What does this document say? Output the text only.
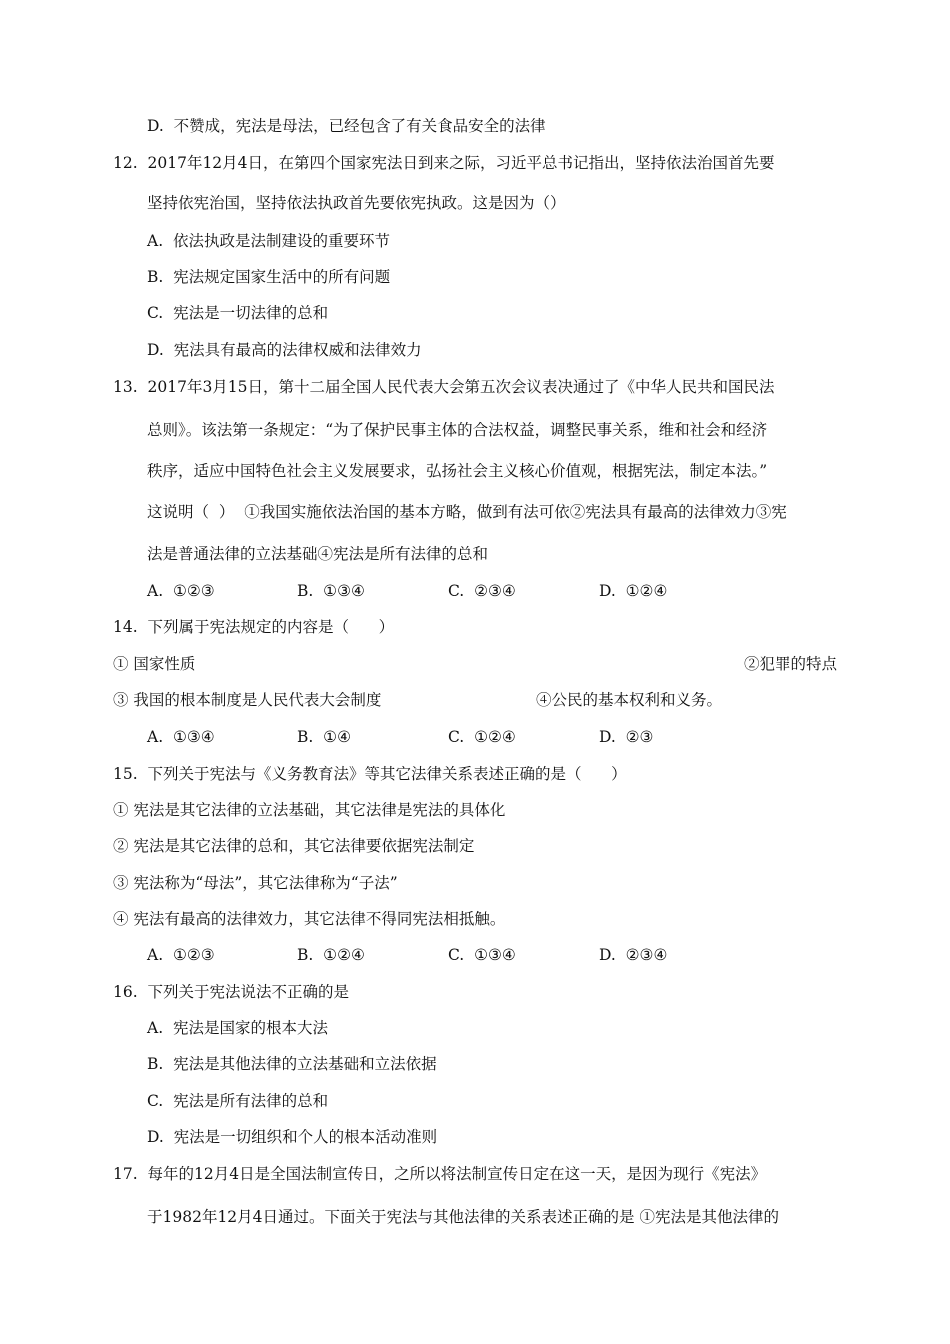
D.  不赞成，宪法是母法，已经包含了有关食品安全的法律
12.  2017年12月4日，在第四个国家宪法日到来之际，习近平总书记指出，坚持依法治国首先要
坚持依宪治国，坚持依法执政首先要依宪执政。这是因为（）
A.  依法执政是法制建设的重要环节
B.  宪法规定国家生活中的所有问题
C.  宪法是一切法律的总和
D.  宪法具有最高的法律权威和法律效力
13.  2017年3月15日，第十二届全国人民代表大会第五次会议表决通过了《中华人民共和国民法
总则》。该法第一条规定：“为了保护民事主体的合法权益，调整民事关系，维和社会和经济
秩序，适应中国特色社会主义发展要求，弘扬社会主义核心价值观，根据宪法，制定本法。”
这说明（  ）  ①我国实施依法治国的基本方略，做到有法可依②宪法具有最高的法律效力③宪
法是普通法律的立法基础④宪法是所有法律的总和
A.  ①②③	B.  ①③④	C.  ②③④	D.  ①②④
14.  下列属于宪法规定的内容是（      ）
① 国家性质	②犯罪的特点
③ 我国的根本制度是人民代表大会制度	④公民的基本权利和义务。
A.  ①③④	B.  ①④	C.  ①②④	D.  ②③
15.  下列关于宪法与《义务教育法》等其它法律关系表述正确的是（      ）
① 宪法是其它法律的立法基础，其它法律是宪法的具体化
② 宪法是其它法律的总和，其它法律要依据宪法制定
③ 宪法称为“母法”，其它法律称为“子法”
④ 宪法有最高的法律效力，其它法律不得同宪法相抵触。
A.  ①②③	B.  ①②④	C.  ①③④	D.  ②③④
16.  下列关于宪法说法不正确的是
A.  宪法是国家的根本大法
B.  宪法是其他法律的立法基础和立法依据
C.  宪法是所有法律的总和
D.  宪法是一切组织和个人的根本活动准则
17.  每年的12月4日是全国法制宣传日，之所以将法制宣传日定在这一天，是因为现行《宪法》
于1982年12月4日通过。下面关于宪法与其他法律的关系表述正确的是 ①宪法是其他法律的
